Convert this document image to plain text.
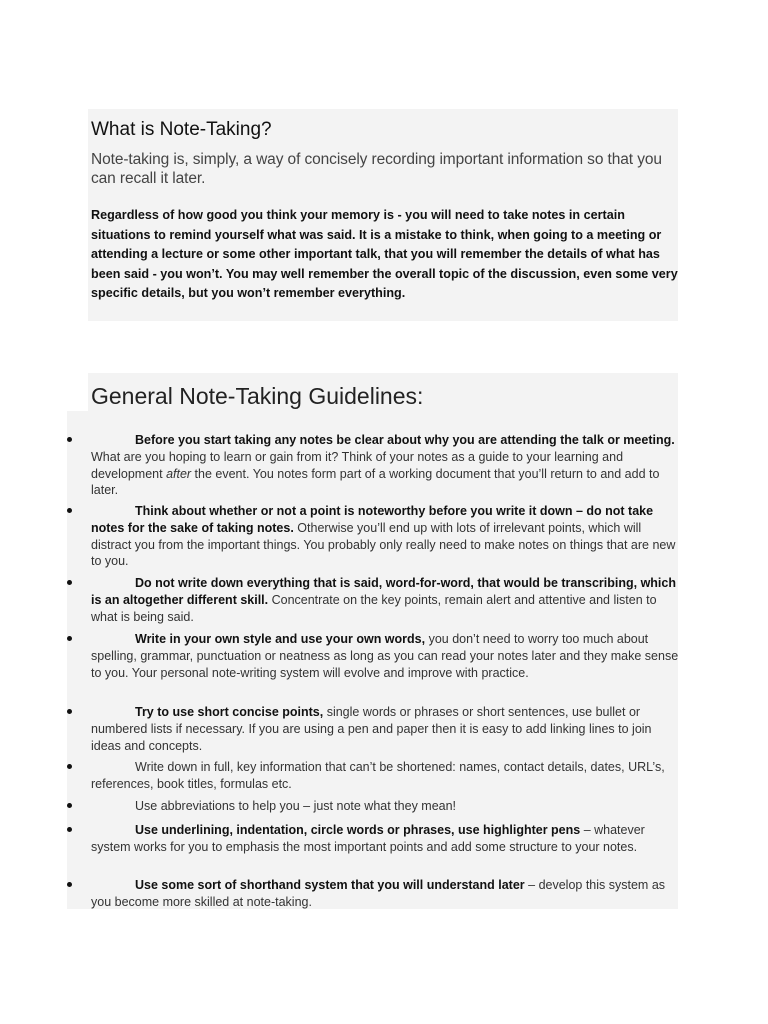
What is Note-Taking?

Note-taking is, simply, a way of concisely recording important information so that you can recall it later.

Regardless of how good you think your memory is - you will need to take notes in certain situations to remind yourself what was said. It is a mistake to think, when going to a meeting or attending a lecture or some other important talk, that you will remember the details of what has been said - you won’t. You may well remember the overall topic of the discussion, even some very specific details, but you won’t remember everything.

General Note-Taking Guidelines:
Before you start taking any notes be clear about why you are attending the talk or meeting. What are you hoping to learn or gain from it? Think of your notes as a guide to your learning and development after the event. You notes form part of a working document that you’ll return to and add to later.
Think about whether or not a point is noteworthy before you write it down – do not take notes for the sake of taking notes. Otherwise you’ll end up with lots of irrelevant points, which will distract you from the important things. You probably only really need to make notes on things that are new to you.
Do not write down everything that is said, word-for-word, that would be transcribing, which is an altogether different skill. Concentrate on the key points, remain alert and attentive and listen to what is being said.
Write in your own style and use your own words, you don’t need to worry too much about spelling, grammar, punctuation or neatness as long as you can read your notes later and they make sense to you. Your personal note-writing system will evolve and improve with practice.
Try to use short concise points, single words or phrases or short sentences, use bullet or numbered lists if necessary. If you are using a pen and paper then it is easy to add linking lines to join ideas and concepts.
Write down in full, key information that can’t be shortened: names, contact details, dates, URL’s, references, book titles, formulas etc.
Use abbreviations to help you – just note what they mean!
Use underlining, indentation, circle words or phrases, use highlighter pens – whatever system works for you to emphasis the most important points and add some structure to your notes.
Use some sort of shorthand system that you will understand later – develop this system as you become more skilled at note-taking.
